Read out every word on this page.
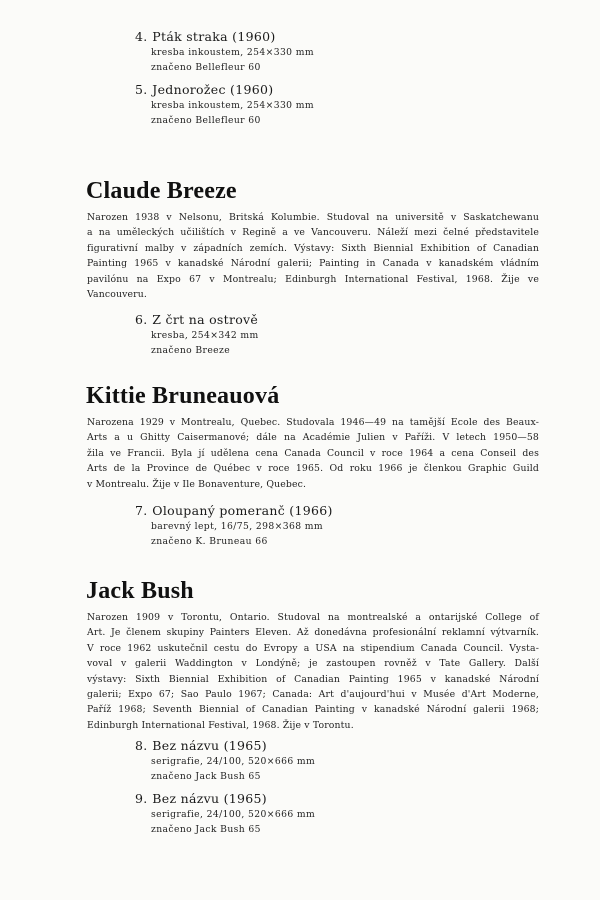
4. Pták straka (1960)
kresba inkoustem, 254×330 mm
značeno Bellefleur 60
5. Jednorožec (1960)
kresba inkoustem, 254×330 mm
značeno Bellefleur 60
Claude Breeze
Narozen 1938 v Nelsonu, Britská Kolumbie. Studoval na universitě v Saskatchewanu
a na uměleckých učilištích v Regině a ve Vancouveru. Náleží mezi čelné představitele
figurativní malby v západních zemích. Výstavy: Sixth Biennial Exhibition of Canadian
Painting 1965 v kanadské Národní galerii; Painting in Canada v kanadském vládním
pavilónu na Expo 67 v Montrealu; Edinburgh International Festival, 1968. Žije ve
Vancouveru.
6. Z črt na ostrově
kresba, 254×342 mm
značeno Breeze
Kittie Bruneauová
Narozena 1929 v Montrealu, Quebec. Studovala 1946—49 na tamější Ecole des Beaux-
Arts a u Ghitty Caisermanové; dále na Académie Julien v Paříži. V letech 1950—58
žila ve Francii. Byla jí udělena cena Canada Council v roce 1964 a cena Conseil des
Arts de la Province de Québec v roce 1965. Od roku 1966 je členkou Graphic Guild
v Montrealu. Žije v Ile Bonaventure, Quebec.
7. Oloupaný pomeranč (1966)
barevný lept, 16/75, 298×368 mm
značeno K. Bruneau 66
Jack Bush
Narozen 1909 v Torontu, Ontario. Studoval na montrealské a ontarijské College of
Art. Je členem skupiny Painters Eleven. Až donedávna profesionální reklamní výtvarník.
V roce 1962 uskutečnil cestu do Evropy a USA na stipendium Canada Council. Vysta-
voval v galerii Waddington v Londýně; je zastoupen rovněž v Tate Gallery. Další
výstavy: Sixth Biennial Exhibition of Canadian Painting 1965 v kanadské Národní
galerii; Expo 67; Sao Paulo 1967; Canada: Art d'aujourd'hui v Musée d'Art Moderne,
Paříž 1968; Seventh Biennial of Canadian Painting v kanadské Národní galerii 1968;
Edinburgh International Festival, 1968. Žije v Torontu.
8. Bez názvu (1965)
serigrafie, 24/100, 520×666 mm
značeno Jack Bush 65
9. Bez názvu (1965)
serigrafie, 24/100, 520×666 mm
značeno Jack Bush 65
